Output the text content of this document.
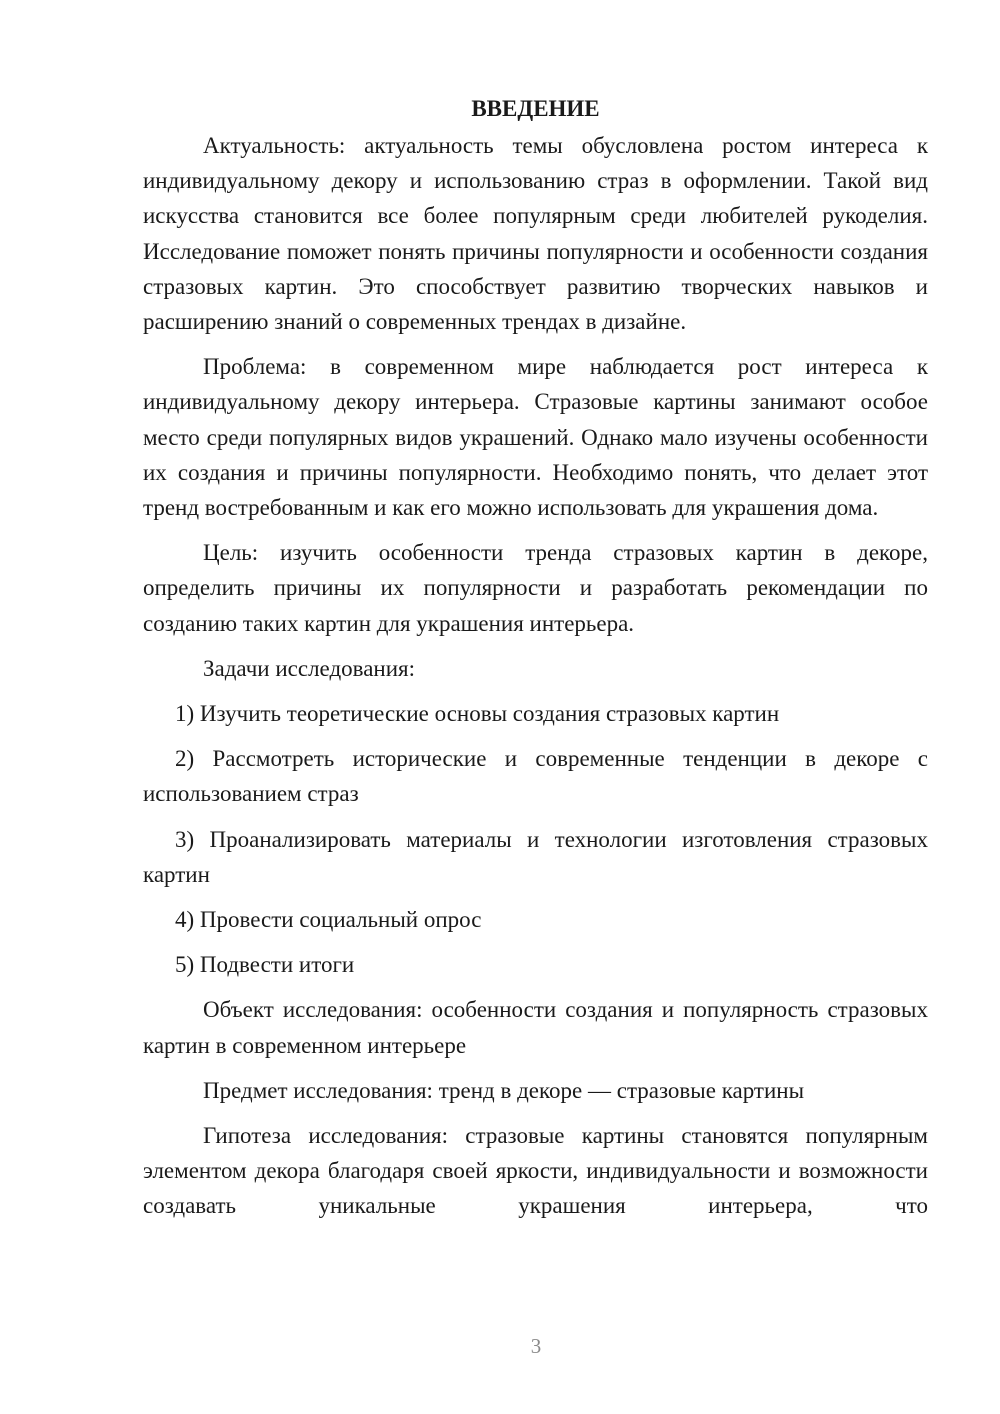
ВВЕДЕНИЕ

Актуальность: актуальность темы обусловлена ростом интереса к индивидуальному декору и использованию страз в оформлении. Такой вид искусства становится все более популярным среди любителей рукоделия. Исследование поможет понять причины популярности и особенности создания стразовых картин. Это способствует развитию творческих навыков и расширению знаний о современных трендах в дизайне.

Проблема: в современном мире наблюдается рост интереса к индивидуальному декору интерьера. Стразовые картины занимают особое место среди популярных видов украшений. Однако мало изучены особенности их создания и причины популярности. Необходимо понять, что делает этот тренд востребованным и как его можно использовать для украшения дома.

Цель: изучить особенности тренда стразовых картин в декоре, определить причины их популярности и разработать рекомендации по созданию таких картин для украшения интерьера.

Задачи исследования:

1) Изучить теоретические основы создания стразовых картин

2) Рассмотреть исторические и современные тенденции в декоре с использованием страз

3) Проанализировать материалы и технологии изготовления стразовых картин

4) Провести социальный опрос

5) Подвести итоги

Объект исследования: особенности создания и популярность стразовых картин в современном интерьере

Предмет исследования: тренд в декоре — стразовые картины

Гипотеза исследования: стразовые картины становятся популярным элементом декора благодаря своей яркости, индивидуальности и возможности создавать уникальные украшения интерьера, что

3
